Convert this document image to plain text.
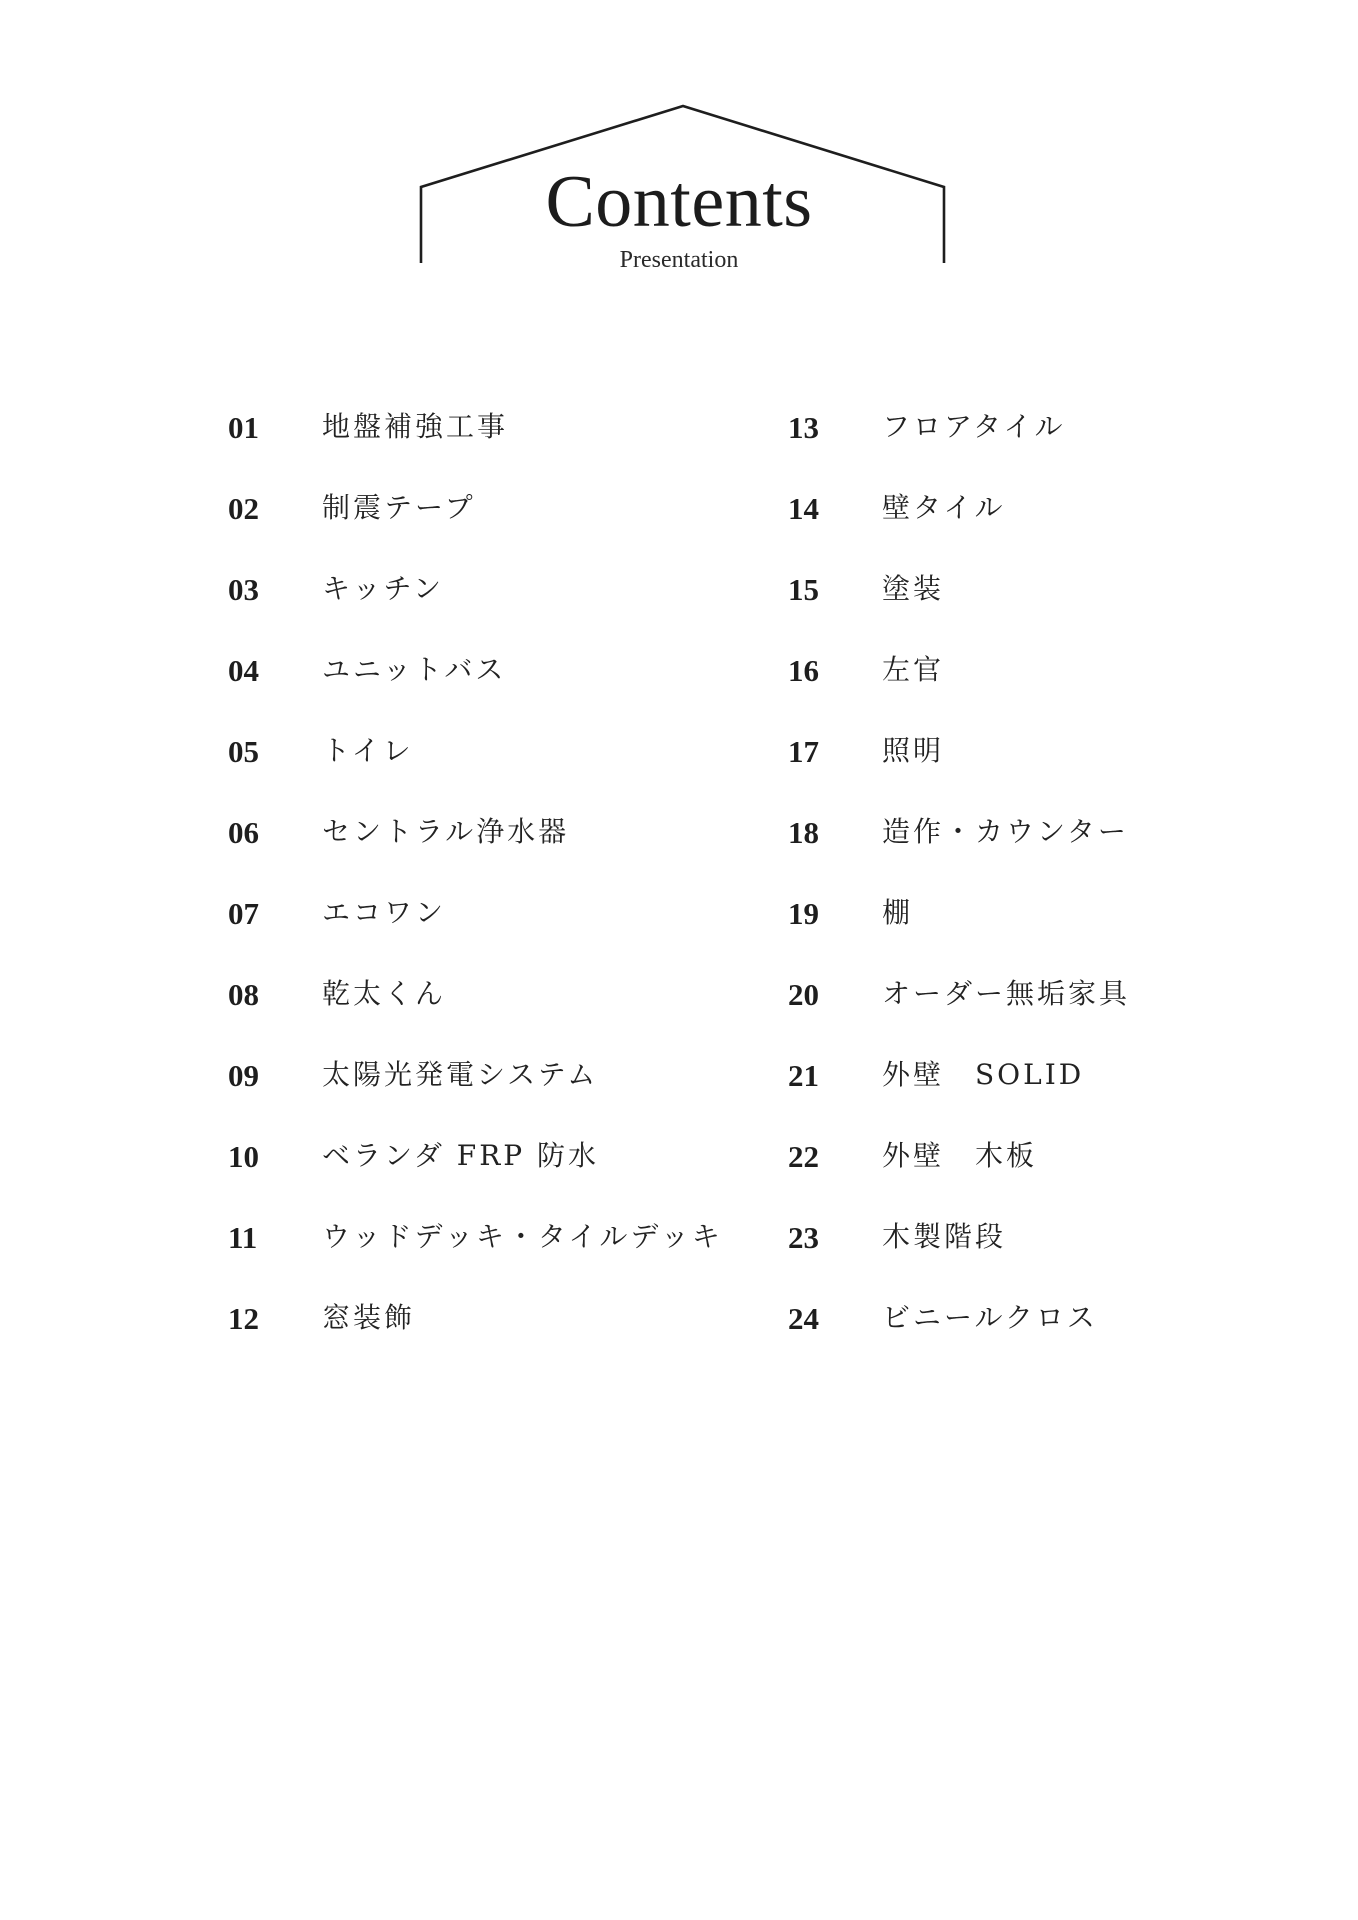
Contents
Presentation
01 地盤補強工事
02 制震テープ
03 キッチン
04 ユニットバス
05 トイレ
06 セントラル浄水器
07 エコワン
08 乾太くん
09 太陽光発電システム
10 ベランダ FRP 防水
11 ウッドデッキ・タイルデッキ
12 窓装飾
13 フロアタイル
14 壁タイル
15 塗装
16 左官
17 照明
18 造作・カウンター
19 棚
20 オーダー無垢家具
21 外壁　SOLID
22 外壁　木板
23 木製階段
24 ビニールクロス
